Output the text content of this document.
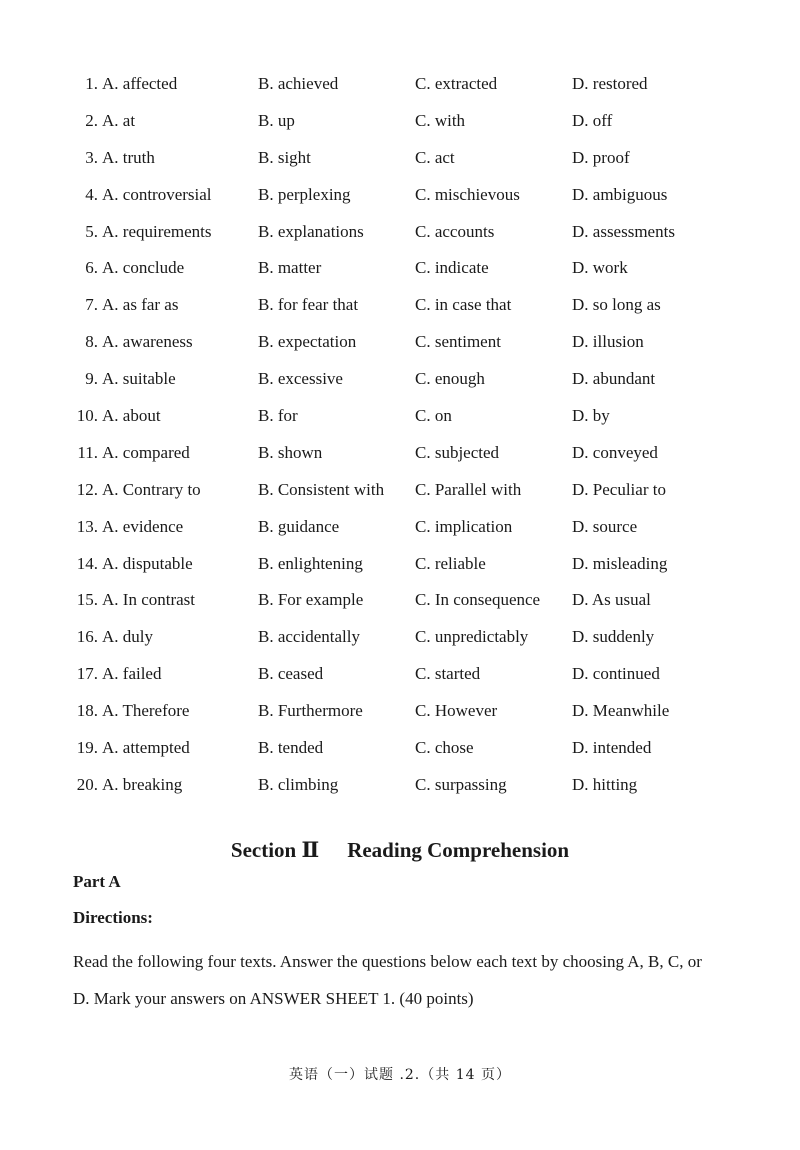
1. A. affected	B. achieved	C. extracted	D. restored
2. A. at	B. up	C. with	D. off
3. A. truth	B. sight	C. act	D. proof
4. A. controversial	B. perplexing	C. mischievous	D. ambiguous
5. A. requirements	B. explanations	C. accounts	D. assessments
6. A. conclude	B. matter	C. indicate	D. work
7. A. as far as	B. for fear that	C. in case that	D. so long as
8. A. awareness	B. expectation	C. sentiment	D. illusion
9. A. suitable	B. excessive	C. enough	D. abundant
10. A. about	B. for	C. on	D. by
11. A. compared	B. shown	C. subjected	D. conveyed
12. A. Contrary to	B. Consistent with C. Parallel with	D. Peculiar to
13. A. evidence	B. guidance	C. implication	D. source
14. A. disputable	B. enlightening	C. reliable	D. misleading
15. A. In contrast	B. For example	C. In consequence D. As usual
16. A. duly	B. accidentally	C. unpredictably	D. suddenly
17. A. failed	B. ceased	C. started	D. continued
18. A. Therefore	B. Furthermore	C. However	D. Meanwhile
19. A. attempted	B. tended	C. chose	D. intended
20. A. breaking	B. climbing	C. surpassing	D. hitting
Section Ⅱ Reading Comprehension
Part A
Directions:
Read the following four texts. Answer the questions below each text by choosing A, B, C, or D. Mark your answers on ANSWER SHEET 1. (40 points)
英语（一）试题 .2.（共 14 页）
